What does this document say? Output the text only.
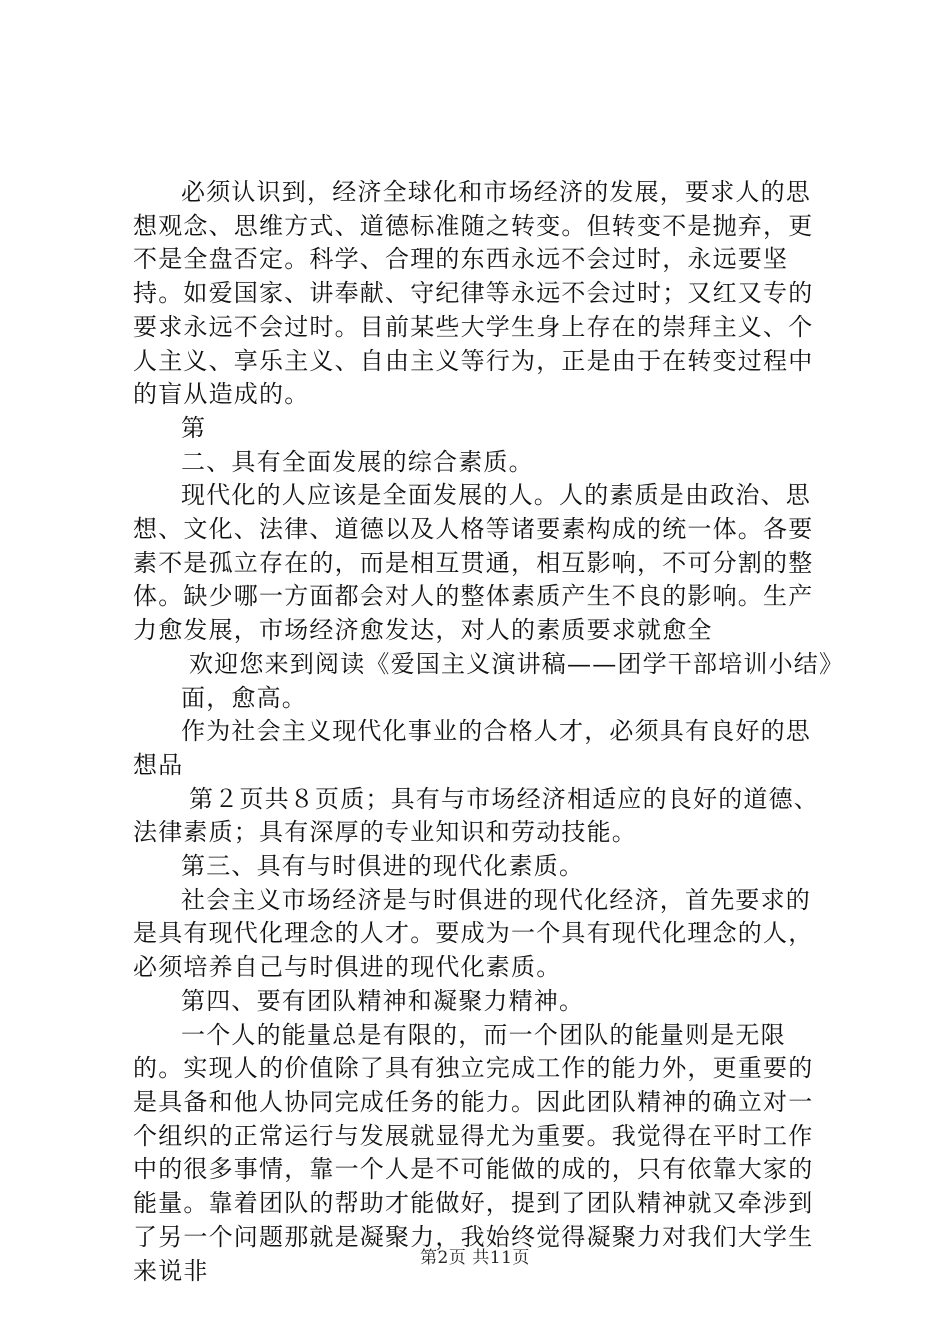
必须认识到，经济全球化和市场经济的发展，要求人的思想观念、思维方式、道德标准随之转变。但转变不是抛弃，更不是全盘否定。科学、合理的东西永远不会过时，永远要坚持。如爱国家、讲奉献、守纪律等永远不会过时；又红又专的要求永远不会过时。目前某些大学生身上存在的崇拜主义、个人主义、享乐主义、自由主义等行为，正是由于在转变过程中的盲从造成的。

第

二、具有全面发展的综合素质。

现代化的人应该是全面发展的人。人的素质是由政治、思想、文化、法律、道德以及人格等诸要素构成的统一体。各要素不是孤立存在的，而是相互贯通，相互影响，不可分割的整体。缺少哪一方面都会对人的整体素质产生不良的影响。生产力愈发展，市场经济愈发达，对人的素质要求就愈全

欢迎您来到阅读《爱国主义演讲稿——团学干部培训小结》

面，愈高。

作为社会主义现代化事业的合格人才，必须具有良好的思想品

第２页共８页质；具有与市场经济相适应的良好的道德、法律素质；具有深厚的专业知识和劳动技能。

第三、具有与时俱进的现代化素质。

社会主义市场经济是与时俱进的现代化经济，首先要求的是具有现代化理念的人才。要成为一个具有现代化理念的人，必须培养自己与时俱进的现代化素质。

第四、要有团队精神和凝聚力精神。

一个人的能量总是有限的，而一个团队的能量则是无限的。实现人的价值除了具有独立完成工作的能力外，更重要的是具备和他人协同完成任务的能力。因此团队精神的确立对一个组织的正常运行与发展就显得尤为重要。我觉得在平时工作中的很多事情，靠一个人是不可能做的成的，只有依靠大家的能量。靠着团队的帮助才能做好，提到了团队精神就又牵涉到了另一个问题那就是凝聚力，我始终觉得凝聚力对我们大学生来说非	第2页 共11页
